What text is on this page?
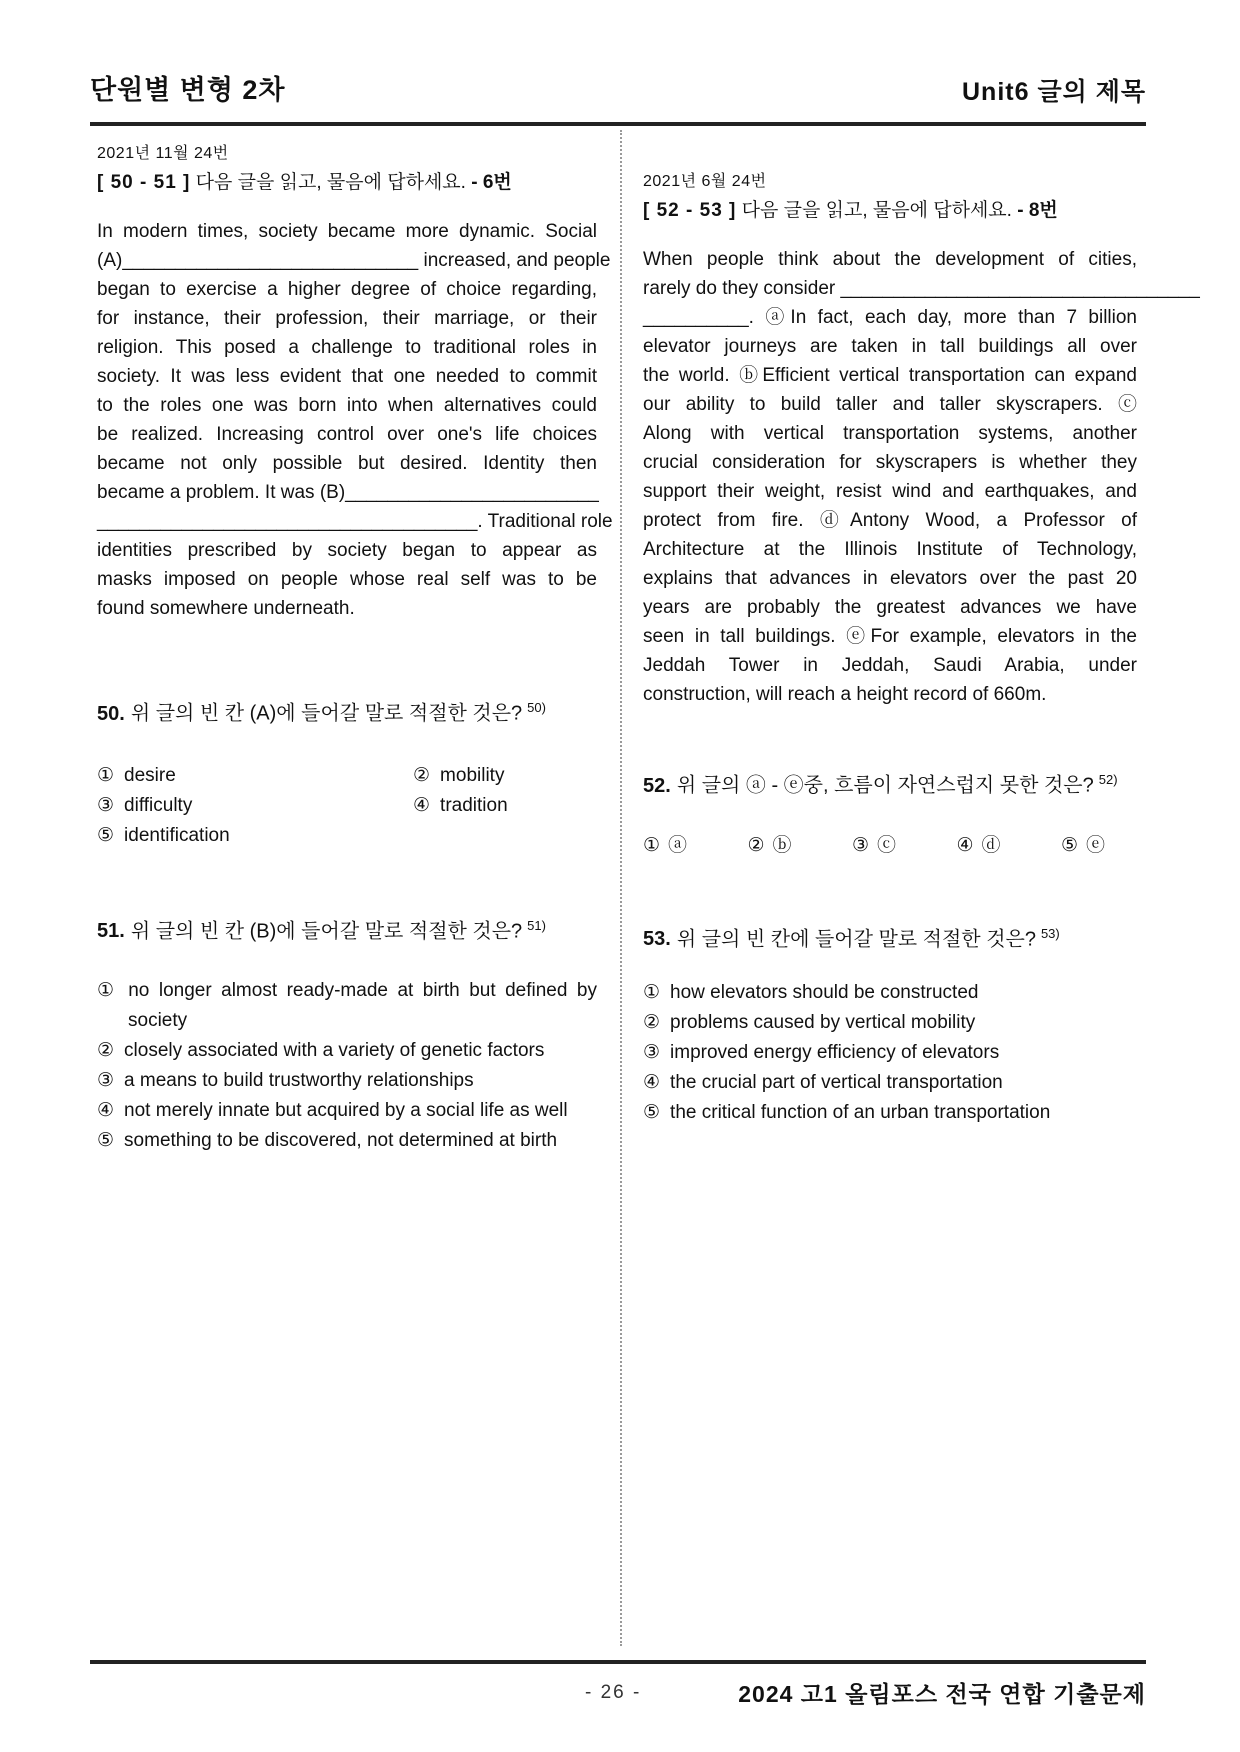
단원별 변형 2차	Unit6 글의 제목
2021년 11월 24번
[ 50 - 51 ] 다음 글을 읽고, 물음에 답하세요. - 6번
In modern times, society became more dynamic. Social
(A)____________________________ increased, and people
began to exercise a higher degree of choice regarding,
for instance, their profession, their marriage, or their
religion. This posed a challenge to traditional roles in
society. It was less evident that one needed to commit
to the roles one was born into when alternatives could
be realized. Increasing control over one's life choices
became not only possible but desired. Identity then
became a problem. It was (B)________________________
____________________________________. Traditional role
identities prescribed by society began to appear as
masks imposed on people whose real self was to be
found somewhere underneath.
50. 위 글의 빈 칸 (A)에 들어갈 말로 적절한 것은? $^{50)}$
① desire	② mobility
③ difficulty	④ tradition
⑤ identification
51. 위 글의 빈 칸 (B)에 들어갈 말로 적절한 것은? $^{51)}$
① no longer almost ready-made at birth but defined by society
② closely associated with a variety of genetic factors
③ a means to build trustworthy relationships
④ not merely innate but acquired by a social life as well
⑤ something to be discovered, not determined at birth
2021년 6월 24번
[ 52 - 53 ] 다음 글을 읽고, 물음에 답하세요. - 8번
When people think about the development of cities,
rarely do they consider __________________________________
__________. ⓐIn fact, each day, more than 7 billion
elevator journeys are taken in tall buildings all over
the world. ⓑEfficient vertical transportation can expand
our ability to build taller and taller skyscrapers. ⓒ
Along with vertical transportation systems, another
crucial consideration for skyscrapers is whether they
support their weight, resist wind and earthquakes, and
protect from fire. ⓓAntony Wood, a Professor of
Architecture at the Illinois Institute of Technology,
explains that advances in elevators over the past 20
years are probably the greatest advances we have
seen in tall buildings. ⓔFor example, elevators in the
Jeddah Tower in Jeddah, Saudi Arabia, under
construction, will reach a height record of 660m.
52. 위 글의 ⓐ - ⓔ중, 흐름이 자연스럽지 못한 것은? $^{52)}$
① ⓐ	② ⓑ	③ ⓒ	④ ⓓ	⑤ ⓔ
53. 위 글의 빈 칸에 들어갈 말로 적절한 것은? $^{53)}$
① how elevators should be constructed
② problems caused by vertical mobility
③ improved energy efficiency of elevators
④ the crucial part of vertical transportation
⑤ the critical function of an urban transportation
- 26 -	2024 고1 올림포스 전국 연합 기출문제
